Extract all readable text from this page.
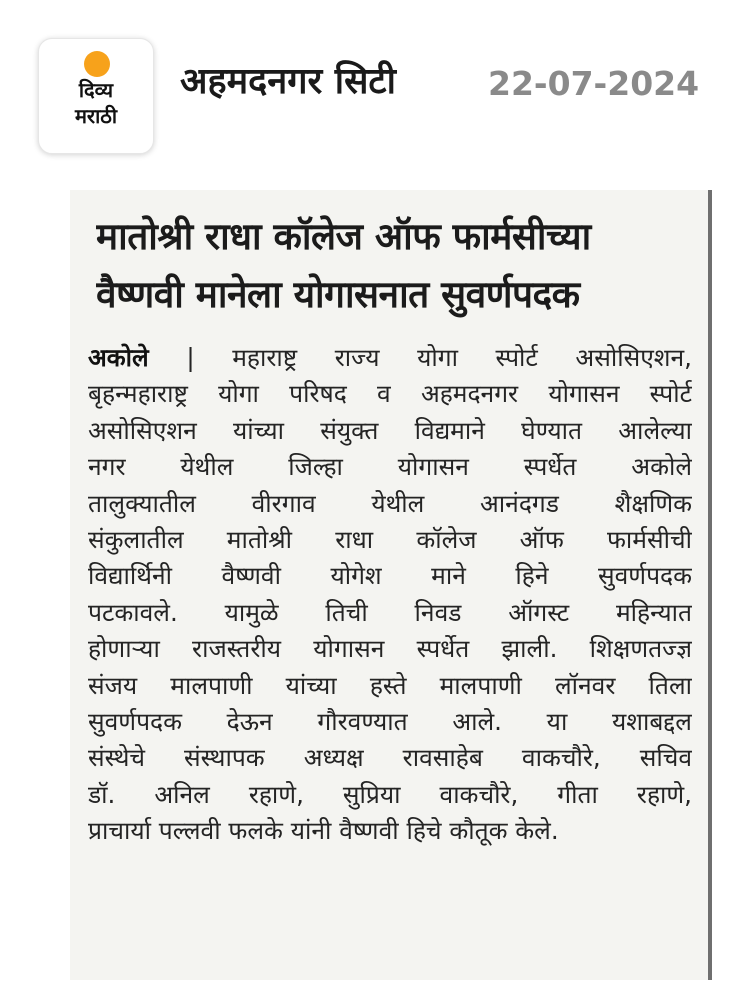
दिव्य
मराठी
अहमदनगर सिटी	22-07-2024
मातोश्री राधा कॉलेज ऑफ फार्मसीच्या
वैष्णवी मानेला योगासनात सुवर्णपदक
अकोले | महाराष्ट्र राज्य योगा स्पोर्ट असोसिएशन,
बृहन्महाराष्ट्र योगा परिषद व अहमदनगर योगासन स्पोर्ट
असोसिएशन यांच्या संयुक्त विद्यमाने घेण्यात आलेल्या
नगर येथील जिल्हा योगासन स्पर्धेत अकोले
तालुक्यातील वीरगाव येथील आनंदगड शैक्षणिक
संकुलातील मातोश्री राधा कॉलेज ऑफ फार्मसीची
विद्यार्थिनी वैष्णवी योगेश माने हिने सुवर्णपदक
पटकावले. यामुळे तिची निवड ऑगस्ट महिन्यात
होणाऱ्या राजस्तरीय योगासन स्पर्धेत झाली. शिक्षणतज्ज्ञ
संजय मालपाणी यांच्या हस्ते मालपाणी लॉनवर तिला
सुवर्णपदक देऊन गौरवण्यात आले. या यशाबद्दल
संस्थेचे संस्थापक अध्यक्ष रावसाहेब वाकचौरे, सचिव
डॉ. अनिल रहाणे, सुप्रिया वाकचौरे, गीता रहाणे,
प्राचार्या पल्लवी फलके यांनी वैष्णवी हिचे कौतूक केले.
